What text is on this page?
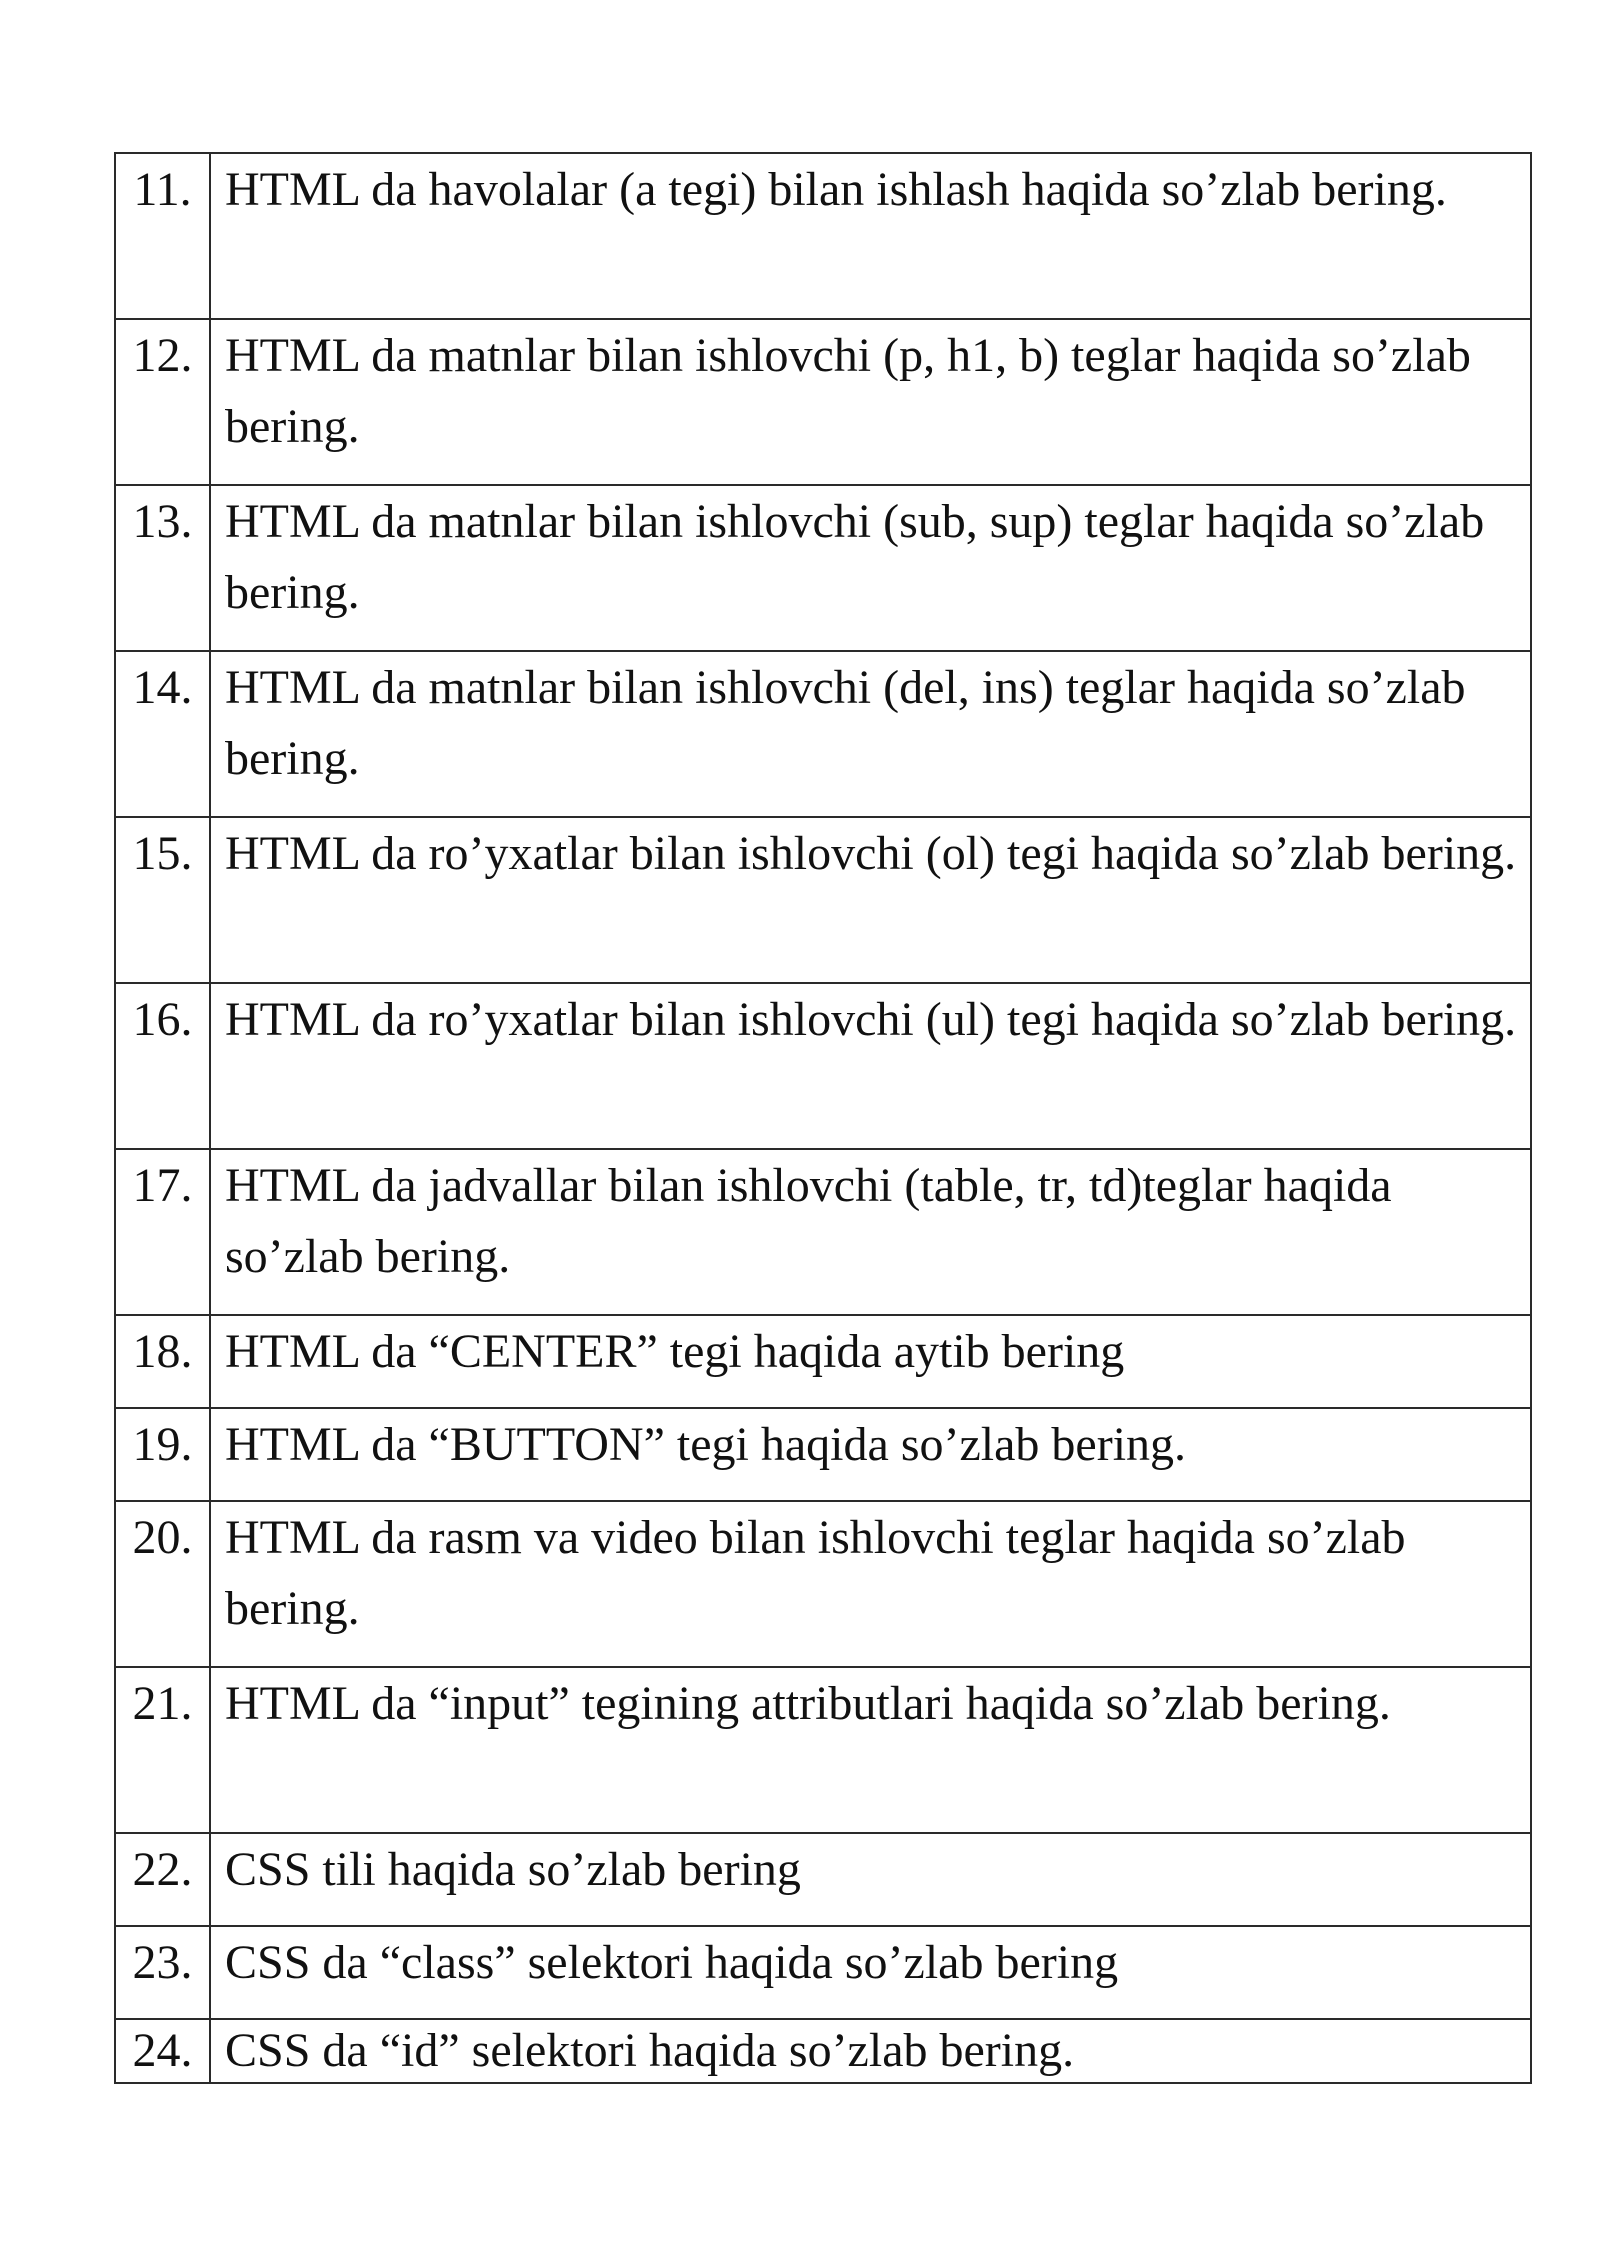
11.	HTML da havolalar (a tegi) bilan ishlash haqida so’zlab bering.
12.	HTML da matnlar bilan ishlovchi (p, h1, b) teglar haqida so’zlab bering.
13.	HTML da matnlar bilan ishlovchi (sub, sup) teglar haqida so’zlab bering.
14.	HTML da matnlar bilan ishlovchi (del, ins) teglar haqida so’zlab bering.
15.	HTML da ro’yxatlar bilan ishlovchi (ol) tegi haqida so’zlab bering.
16.	HTML da ro’yxatlar bilan ishlovchi (ul) tegi haqida so’zlab bering.
17.	HTML da jadvallar bilan ishlovchi (table, tr, td)teglar haqida so’zlab bering.
18.	HTML da “CENTER” tegi haqida aytib bering
19.	HTML da “BUTTON” tegi haqida so’zlab bering.
20.	HTML da rasm va video bilan ishlovchi teglar haqida so’zlab bering.
21.	HTML da “input” tegining attributlari haqida so’zlab bering.
22.	CSS tili haqida so’zlab bering
23.	CSS da “class” selektori haqida so’zlab bering
24.	CSS da “id” selektori haqida so’zlab bering.
